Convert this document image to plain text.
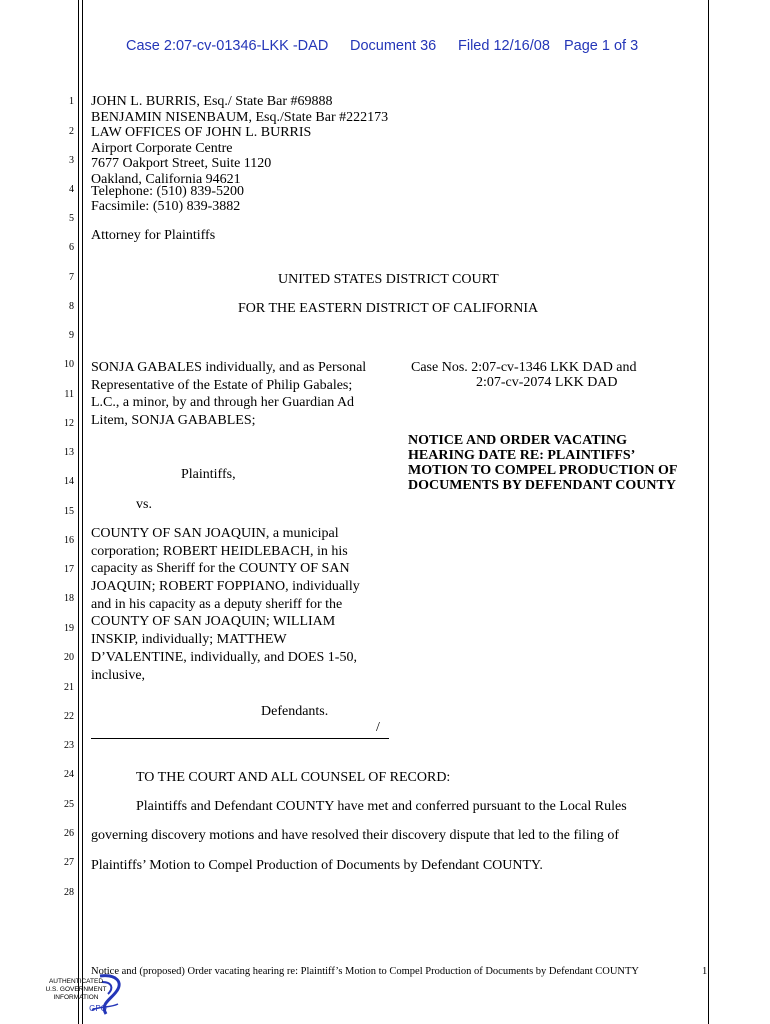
Case 2:07-cv-01346-LKK -DAD Document 36 Filed 12/16/08 Page 1 of 3
1
2
3
4
5
6
7
8
9
10
11
12
13
14
15
16
17
18
19
20
21
22
23
24
25
26
27
28
JOHN L. BURRIS, Esq./ State Bar #69888
BENJAMIN NISENBAUM, Esq./State Bar #222173
LAW OFFICES OF JOHN L. BURRIS
Airport Corporate Centre
7677 Oakport Street, Suite 1120
Oakland, California 94621
Telephone: (510) 839-5200
Facsimile: (510) 839-3882
Attorney for Plaintiffs
UNITED STATES DISTRICT COURT
FOR THE EASTERN DISTRICT OF CALIFORNIA
SONJA GABALES individually, and as Personal
Representative of the Estate of Philip Gabales;
L.C., a minor, by and through her Guardian Ad
Litem, SONJA GABABLES;
Plaintiffs,
vs.
COUNTY OF SAN JOAQUIN, a municipal
corporation; ROBERT HEIDLEBACH, in his
capacity as Sheriff for the COUNTY OF SAN
JOAQUIN; ROBERT FOPPIANO, individually
and in his capacity as a deputy sheriff for the
COUNTY OF SAN JOAQUIN; WILLIAM
INSKIP, individually; MATTHEW
D’VALENTINE, individually, and DOES 1-50,
inclusive,
Defendants.
/
Case Nos. 2:07-cv-1346 LKK DAD and
2:07-cv-2074 LKK DAD
NOTICE AND ORDER VACATING
HEARING DATE RE: PLAINTIFFS’
MOTION TO COMPEL PRODUCTION OF
DOCUMENTS BY DEFENDANT COUNTY
TO THE COURT AND ALL COUNSEL OF RECORD:
Plaintiffs and Defendant COUNTY have met and conferred pursuant to the Local Rules
governing discovery motions and have resolved their discovery dispute that led to the filing of
Plaintiffs’ Motion to Compel Production of Documents by Defendant COUNTY.
Notice and (proposed) Order vacating hearing re: Plaintiff’s Motion to Compel Production of Documents by Defendant COUNTY	1
AUTHENTICATED
U.S. GOVERNMENT
INFORMATION
GPO
